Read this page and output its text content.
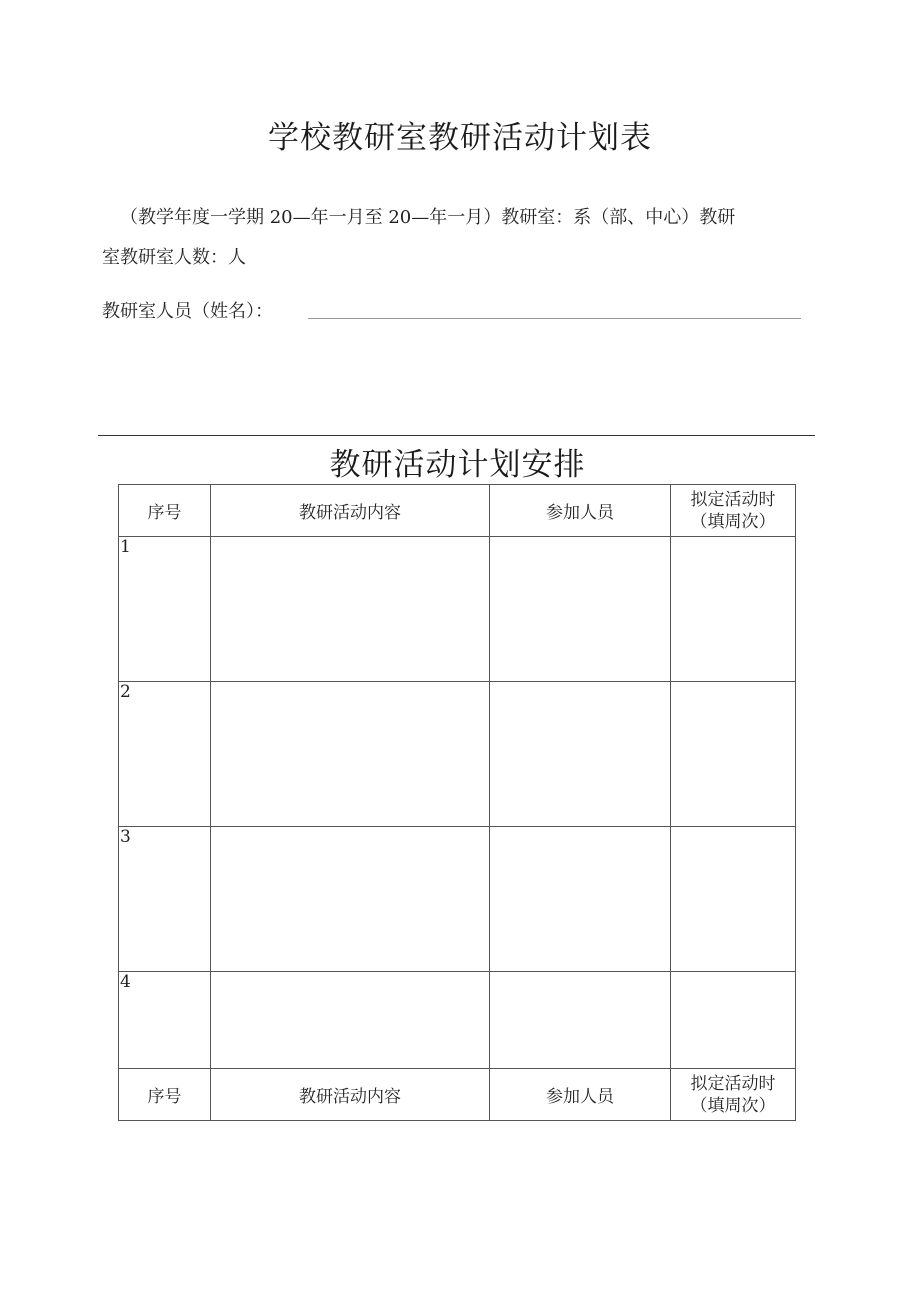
学校教研室教研活动计划表
（教学年度一学期 20—年一月至 20—年一月）教研室：系（部、中心）教研
室教研室人数：人
教研室人员（姓名）：
教研活动计划安排
序号	教研活动内容	参加人员	拟定活动时
（填周次）

1			
2			
3			
4			
序号	教研活动内容	参加人员	拟定活动时
（填周次）
